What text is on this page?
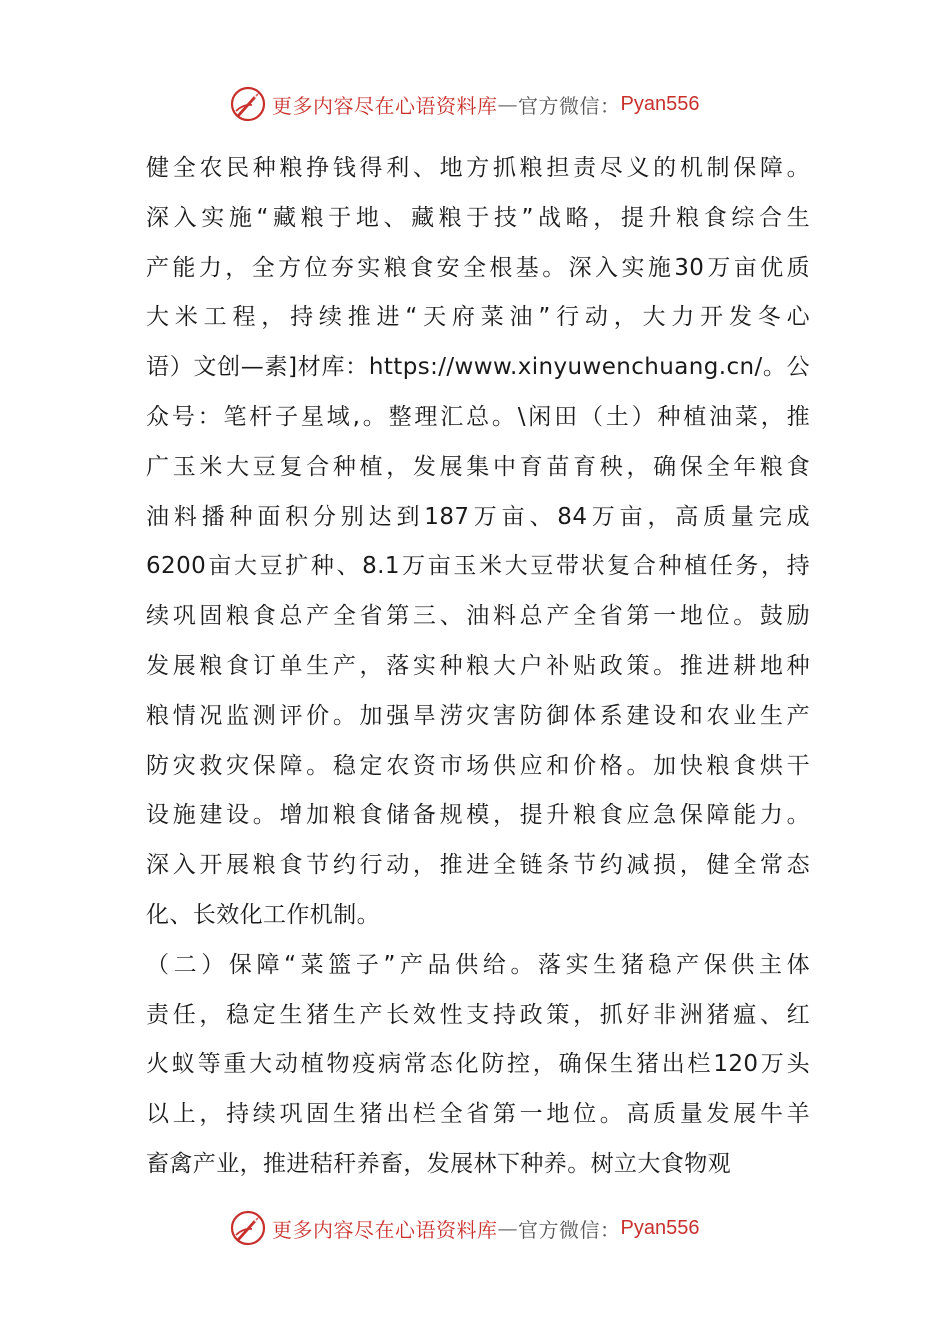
更多内容尽在心语资料库 — 官方微信： Pyan556
健全农民种粮挣钱得利、地方抓粮担责尽义的机制保障。
深入实施“藏粮于地、藏粮于技”战略，提升粮食综合生
产能力，全方位夯实粮食安全根基。深入实施30万亩优质
大米工程，持续推进“天府菜油”行动，大力开发冬心
语）文创—素]材库：https://www.xinyuwenchuang.cn/。公
众号：笔杆子星域,。整理汇总。\闲田（土）种植油菜，推
广玉米大豆复合种植，发展集中育苗育秧，确保全年粮食
油料播种面积分别达到187万亩、84万亩，高质量完成
6200亩大豆扩种、8.1万亩玉米大豆带状复合种植任务，持
续巩固粮食总产全省第三、油料总产全省第一地位。鼓励
发展粮食订单生产，落实种粮大户补贴政策。推进耕地种
粮情况监测评价。加强旱涝灾害防御体系建设和农业生产
防灾救灾保障。稳定农资市场供应和价格。加快粮食烘干
设施建设。增加粮食储备规模，提升粮食应急保障能力。
深入开展粮食节约行动，推进全链条节约减损，健全常态
化、长效化工作机制。
（二）保障“菜篮子”产品供给。落实生猪稳产保供主体
责任，稳定生猪生产长效性支持政策，抓好非洲猪瘟、红
火蚁等重大动植物疫病常态化防控，确保生猪出栏120万头
以上，持续巩固生猪出栏全省第一地位。高质量发展牛羊
畜禽产业，推进秸秆养畜，发展林下种养。树立大食物观
更多内容尽在心语资料库 — 官方微信： Pyan556
